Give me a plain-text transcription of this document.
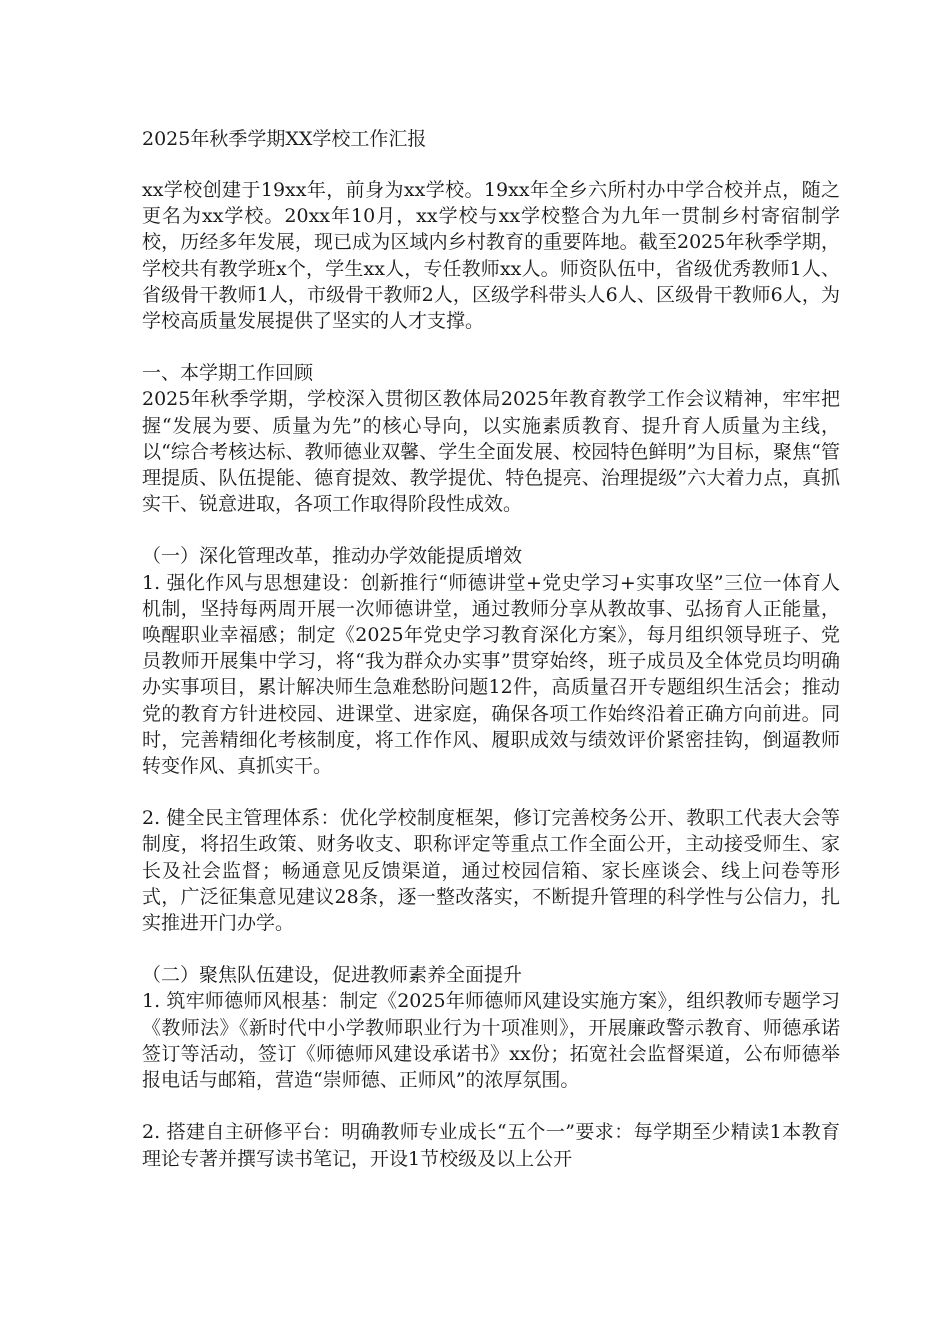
2025年秋季学期XX学校工作汇报

xx学校创建于19xx年，前身为xx学校。19xx年全乡六所村办中学合校并点，随之更名为xx学校。20xx年10月，xx学校与xx学校整合为九年一贯制乡村寄宿制学校，历经多年发展，现已成为区域内乡村教育的重要阵地。截至2025年秋季学期，学校共有教学班x个，学生xx人，专任教师xx人。师资队伍中，省级优秀教师1人、省级骨干教师1人，市级骨干教师2人，区级学科带头人6人、区级骨干教师6人，为学校高质量发展提供了坚实的人才支撑。

一、本学期工作回顾

2025年秋季学期，学校深入贯彻区教体局2025年教育教学工作会议精神，牢牢把握“发展为要、质量为先”的核心导向，以实施素质教育、提升育人质量为主线，以“综合考核达标、教师德业双馨、学生全面发展、校园特色鲜明”为目标，聚焦“管理提质、队伍提能、德育提效、教学提优、特色提亮、治理提级”六大着力点，真抓实干、锐意进取，各项工作取得阶段性成效。

（一）深化管理改革，推动办学效能提质增效

1. 强化作风与思想建设：创新推行“师德讲堂+党史学习+实事攻坚”三位一体育人机制，坚持每两周开展一次师德讲堂，通过教师分享从教故事、弘扬育人正能量，唤醒职业幸福感；制定《2025年党史学习教育深化方案》，每月组织领导班子、党员教师开展集中学习，将“我为群众办实事”贯穿始终，班子成员及全体党员均明确办实事项目，累计解决师生急难愁盼问题12件，高质量召开专题组织生活会；推动党的教育方针进校园、进课堂、进家庭，确保各项工作始终沿着正确方向前进。同时，完善精细化考核制度，将工作作风、履职成效与绩效评价紧密挂钩，倒逼教师转变作风、真抓实干。

2. 健全民主管理体系：优化学校制度框架，修订完善校务公开、教职工代表大会等制度，将招生政策、财务收支、职称评定等重点工作全面公开，主动接受师生、家长及社会监督；畅通意见反馈渠道，通过校园信箱、家长座谈会、线上问卷等形式，广泛征集意见建议28条，逐一整改落实，不断提升管理的科学性与公信力，扎实推进开门办学。

（二）聚焦队伍建设，促进教师素养全面提升

1. 筑牢师德师风根基：制定《2025年师德师风建设实施方案》，组织教师专题学习《教师法》《新时代中小学教师职业行为十项准则》，开展廉政警示教育、师德承诺签订等活动，签订《师德师风建设承诺书》xx份；拓宽社会监督渠道，公布师德举报电话与邮箱，营造“崇师德、正师风”的浓厚氛围。

2. 搭建自主研修平台：明确教师专业成长“五个一”要求：每学期至少精读1本教育理论专著并撰写读书笔记，开设1节校级及以上公开
